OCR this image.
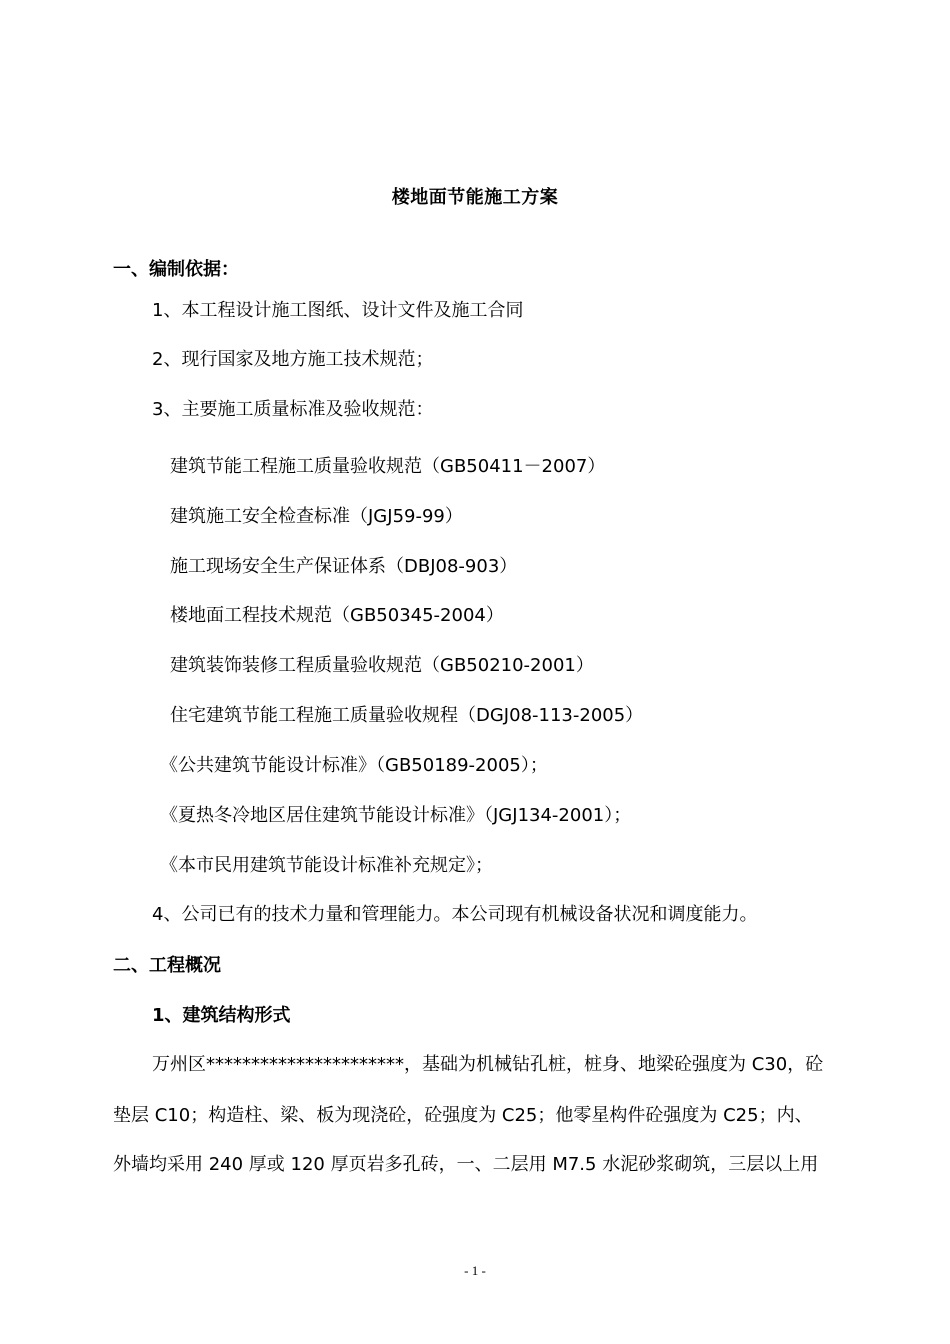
楼地面节能施工方案
一、编制依据：
1、本工程设计施工图纸、设计文件及施工合同
2、现行国家及地方施工技术规范；
3、主要施工质量标准及验收规范：
建筑节能工程施工质量验收规范（GB50411－2007）
建筑施工安全检查标准（JGJ59-99）
施工现场安全生产保证体系（DBJ08-903）
楼地面工程技术规范（GB50345-2004）
建筑装饰装修工程质量验收规范（GB50210-2001）
住宅建筑节能工程施工质量验收规程（DGJ08-113-2005）
《公共建筑节能设计标准》（GB50189-2005）；
《夏热冬冷地区居住建筑节能设计标准》（JGJ134-2001）；
《本市民用建筑节能设计标准补充规定》；
4、公司已有的技术力量和管理能力。本公司现有机械设备状况和调度能力。
二、工程概况
1、建筑结构形式
万州区**********************，基础为机械钻孔桩，桩身、地梁砼强度为 C30，砼
垫层 C10；构造柱、梁、板为现浇砼，砼强度为 C25；他零星构件砼强度为 C25；内、
外墙均采用 240 厚或 120 厚页岩多孔砖，一、二层用 M7.5 水泥砂浆砌筑，三层以上用
- 1 -
